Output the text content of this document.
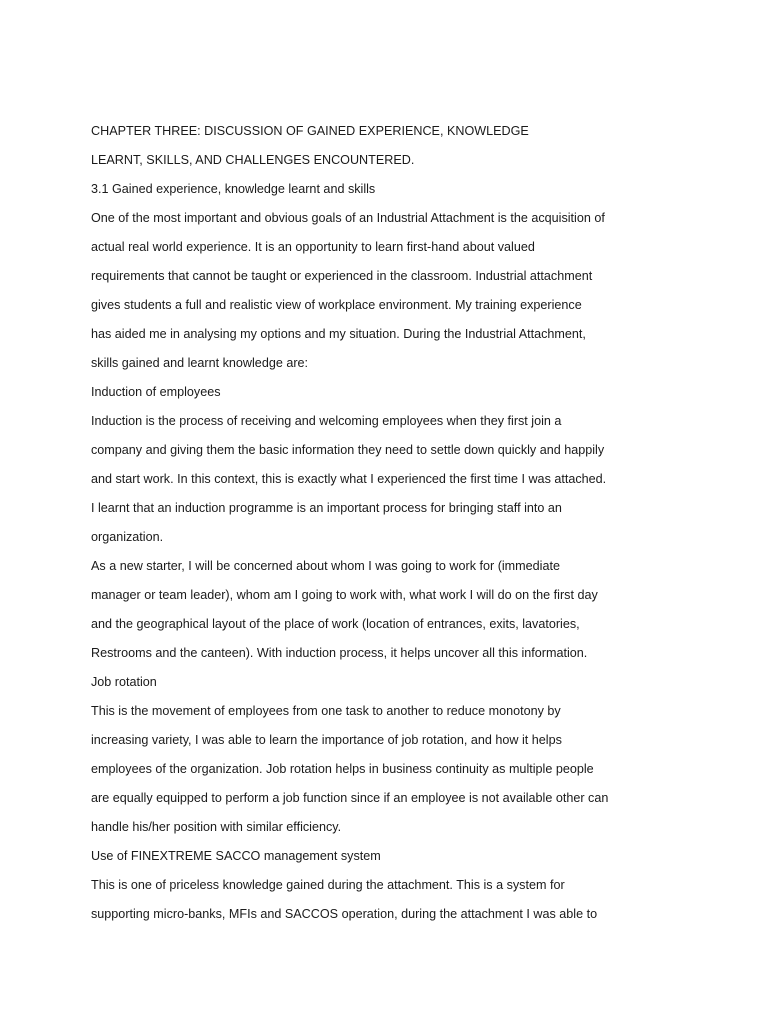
CHAPTER THREE: DISCUSSION OF GAINED EXPERIENCE, KNOWLEDGE
LEARNT, SKILLS, AND CHALLENGES ENCOUNTERED.
3.1 Gained experience, knowledge learnt and skills
One of the most important and obvious goals of an Industrial Attachment is the acquisition of
actual real world experience. It is an opportunity to learn first-hand about valued
requirements that cannot be taught or experienced in the classroom. Industrial attachment
gives students a full and realistic view of workplace environment. My training experience
has aided me in analysing my options and my situation. During the Industrial Attachment,
skills gained and learnt knowledge are:
Induction of employees
Induction is the process of receiving and welcoming employees when they first join a
company and giving them the basic information they need to settle down quickly and happily
and start work. In this context, this is exactly what I experienced the first time I was attached.
I learnt that an induction programme is an important process for bringing staff into an
organization.
As a new starter, I will be concerned about whom I was going to work for (immediate
manager or team leader), whom am I going to work with, what work I will do on the first day
and the geographical layout of the place of work (location of entrances, exits, lavatories,
Restrooms and the canteen). With induction process, it helps uncover all this information.
Job rotation
This is the movement of employees from one task to another to reduce monotony by
increasing variety, I was able to learn the importance of job rotation, and how it helps
employees of the organization. Job rotation helps in business continuity as multiple people
are equally equipped to perform a job function since if an employee is not available other can
handle his/her position with similar efficiency.
Use of FINEXTREME SACCO management system
This is one of priceless knowledge gained during the attachment. This is a system for
supporting micro-banks, MFIs and SACCOS operation, during the attachment I was able to
